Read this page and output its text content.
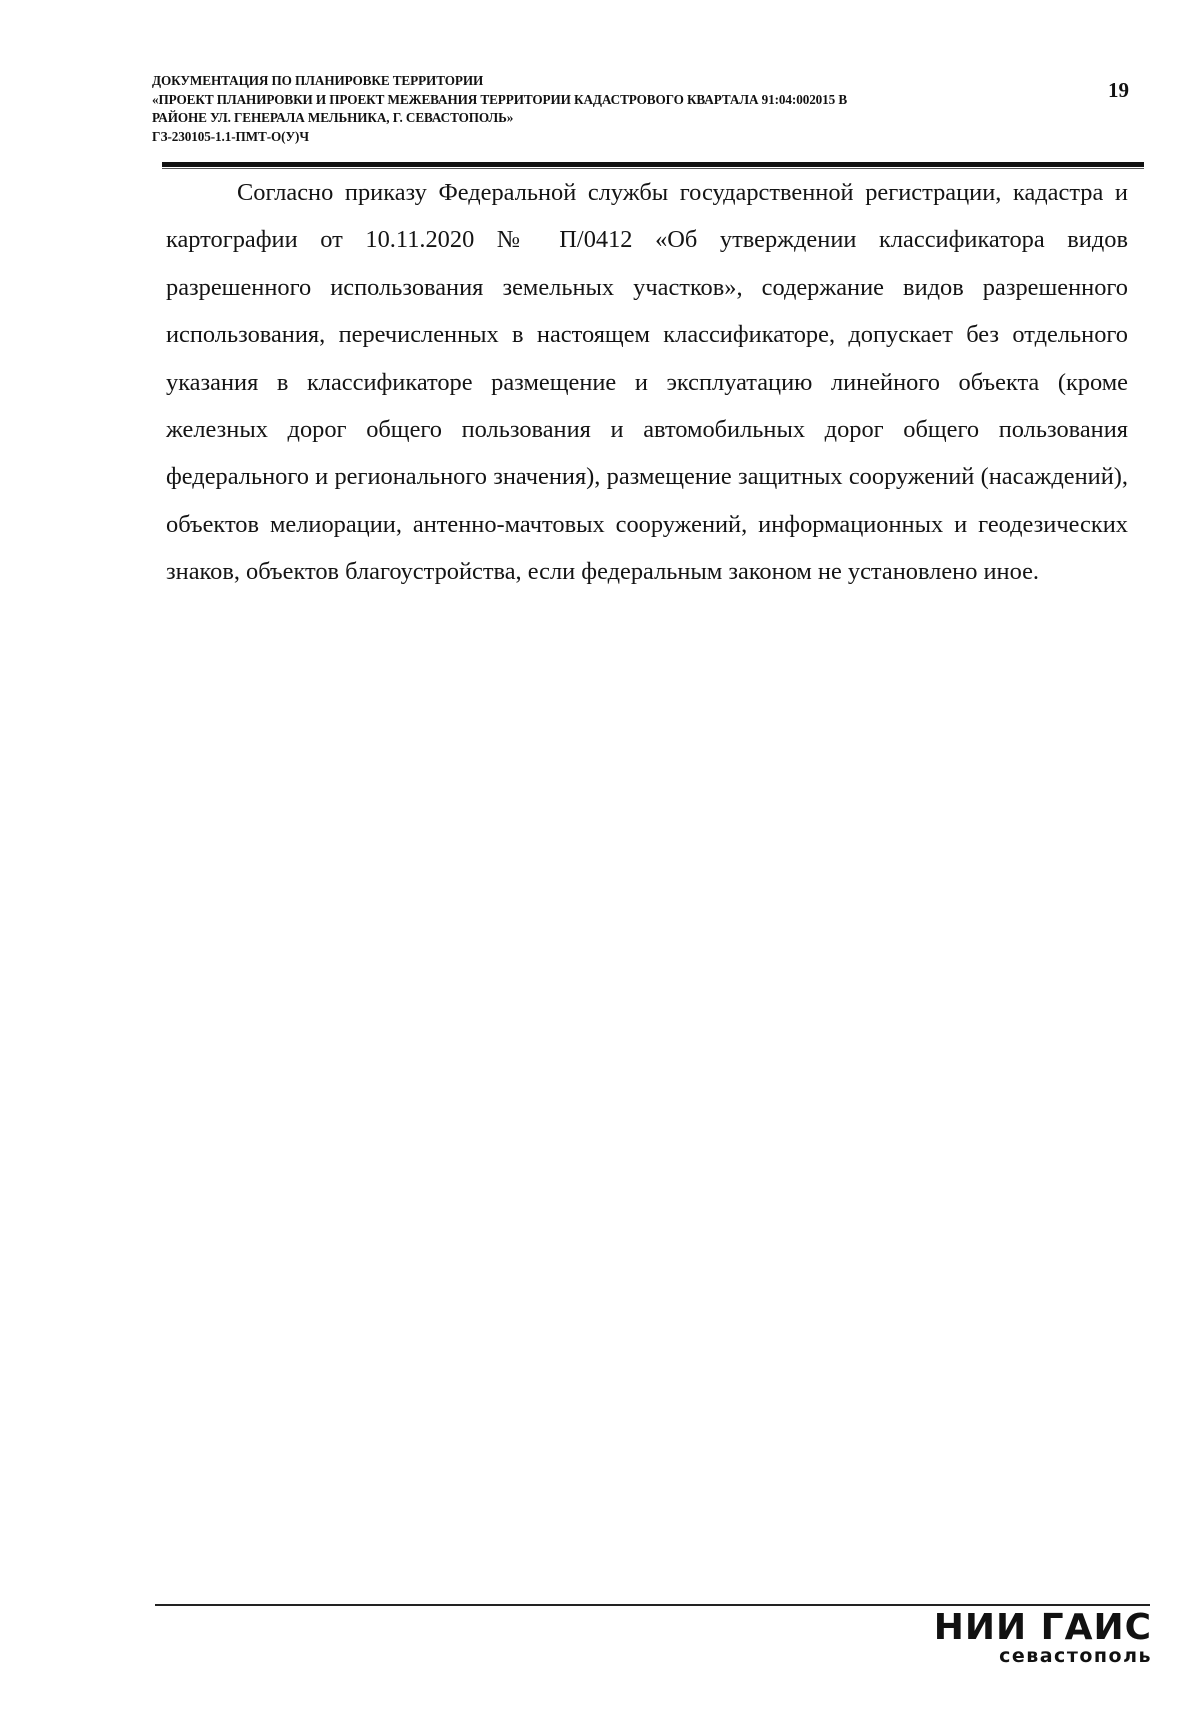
ДОКУМЕНТАЦИЯ ПО ПЛАНИРОВКЕ ТЕРРИТОРИИ
«ПРОЕКТ ПЛАНИРОВКИ И ПРОЕКТ МЕЖЕВАНИЯ ТЕРРИТОРИИ КАДАСТРОВОГО КВАРТАЛА 91:04:002015 В
РАЙОНЕ УЛ. ГЕНЕРАЛА МЕЛЬНИКА, Г. СЕВАСТОПОЛЬ»
ГЗ-230105-1.1-ПМТ-О(У)Ч
19

Согласно приказу Федеральной службы государственной регистрации, кадастра и картографии от 10.11.2020 № П/0412 «Об утверждении классификатора видов разрешенного использования земельных участков», содержание видов разрешенного использования, перечисленных в настоящем классификаторе, допускает без отдельного указания в классификаторе размещение и эксплуатацию линейного объекта (кроме железных дорог общего пользования и автомобильных дорог общего пользования федерального и регионального значения), размещение защитных сооружений (насаждений), объектов мелиорации, антенно-мачтовых сооружений, информационных и геодезических знаков, объектов благоустройства, если федеральным законом не установлено иное.

НИИ ГАИС
севастополь
